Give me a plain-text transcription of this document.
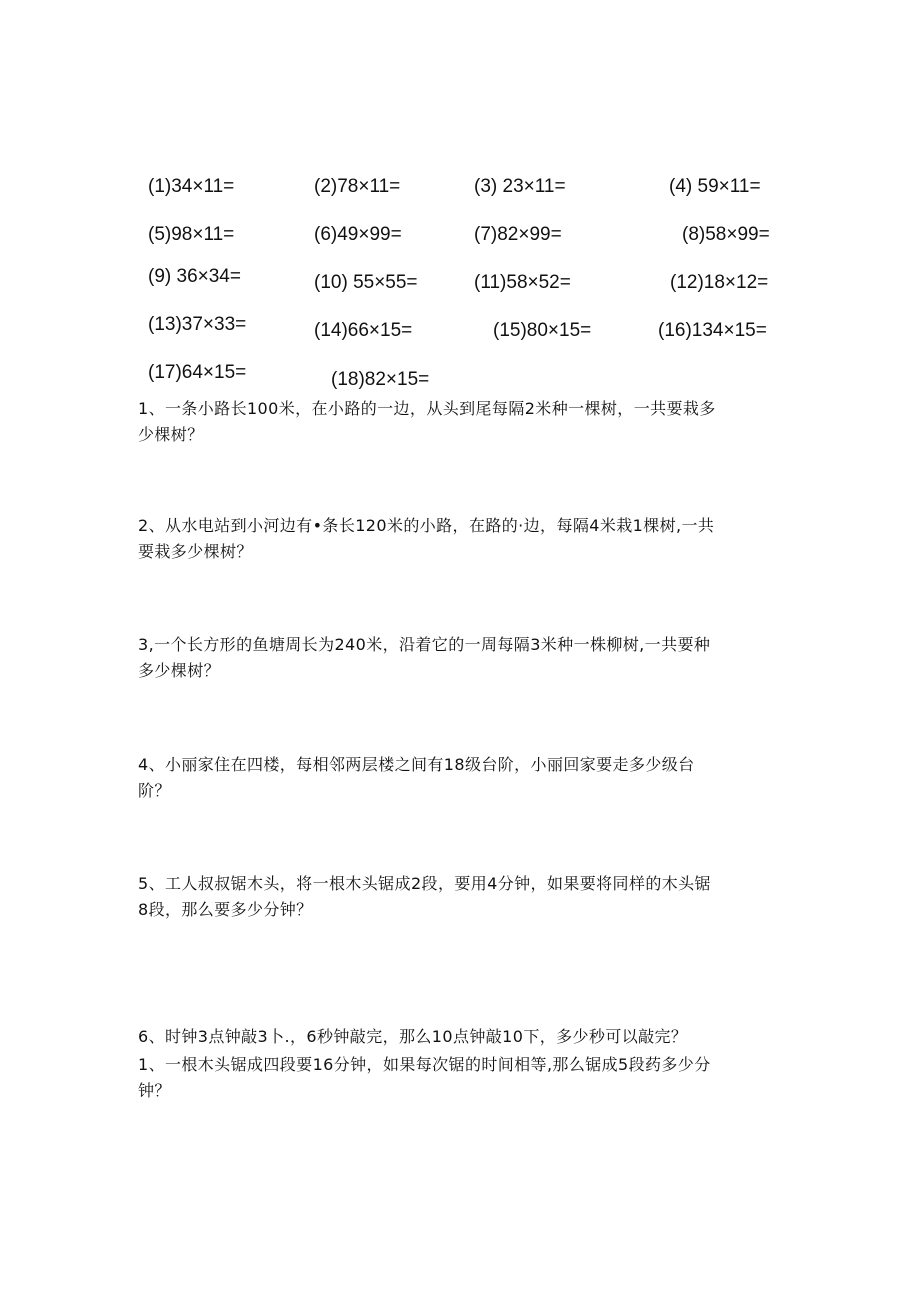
(1)34×11=	(2)78×11=	(3) 23×11=	(4) 59×11=
(5)98×11=	(6)49×99=	(7)82×99=	(8)58×99=
(9) 36×34=	(10) 55×55=	(11)58×52=	(12)18×12=
(13)37×33=	(14)66×15=	(15)80×15=	(16)134×15=
(17)64×15=	(18)82×15=

1、一条小路长100米，在小路的一边，从头到尾每隔2米种一棵树，一共要栽多

少棵树？

2、从水电站到小河边有•条长120米的小路，在路的·边，每隔4米栽1棵树,一共

要栽多少棵树？

3,一个长方形的鱼塘周长为240米，沿着它的一周每隔3米种一株柳树,一共要种

多少棵树？

4、小丽家住在四楼，每相邻两层楼之间有18级台阶，小丽回家要走多少级台

阶？

5、工人叔叔锯木头，将一根木头锯成2段，要用4分钟，如果要将同样的木头锯

8段，那么要多少分钟？

6、时钟3点钟敲3卜.，6秒钟敲完，那么10点钟敲10下，多少秒可以敲完？

1、一根木头锯成四段要16分钟，如果每次锯的时间相等,那么锯成5段药多少分

钟？
